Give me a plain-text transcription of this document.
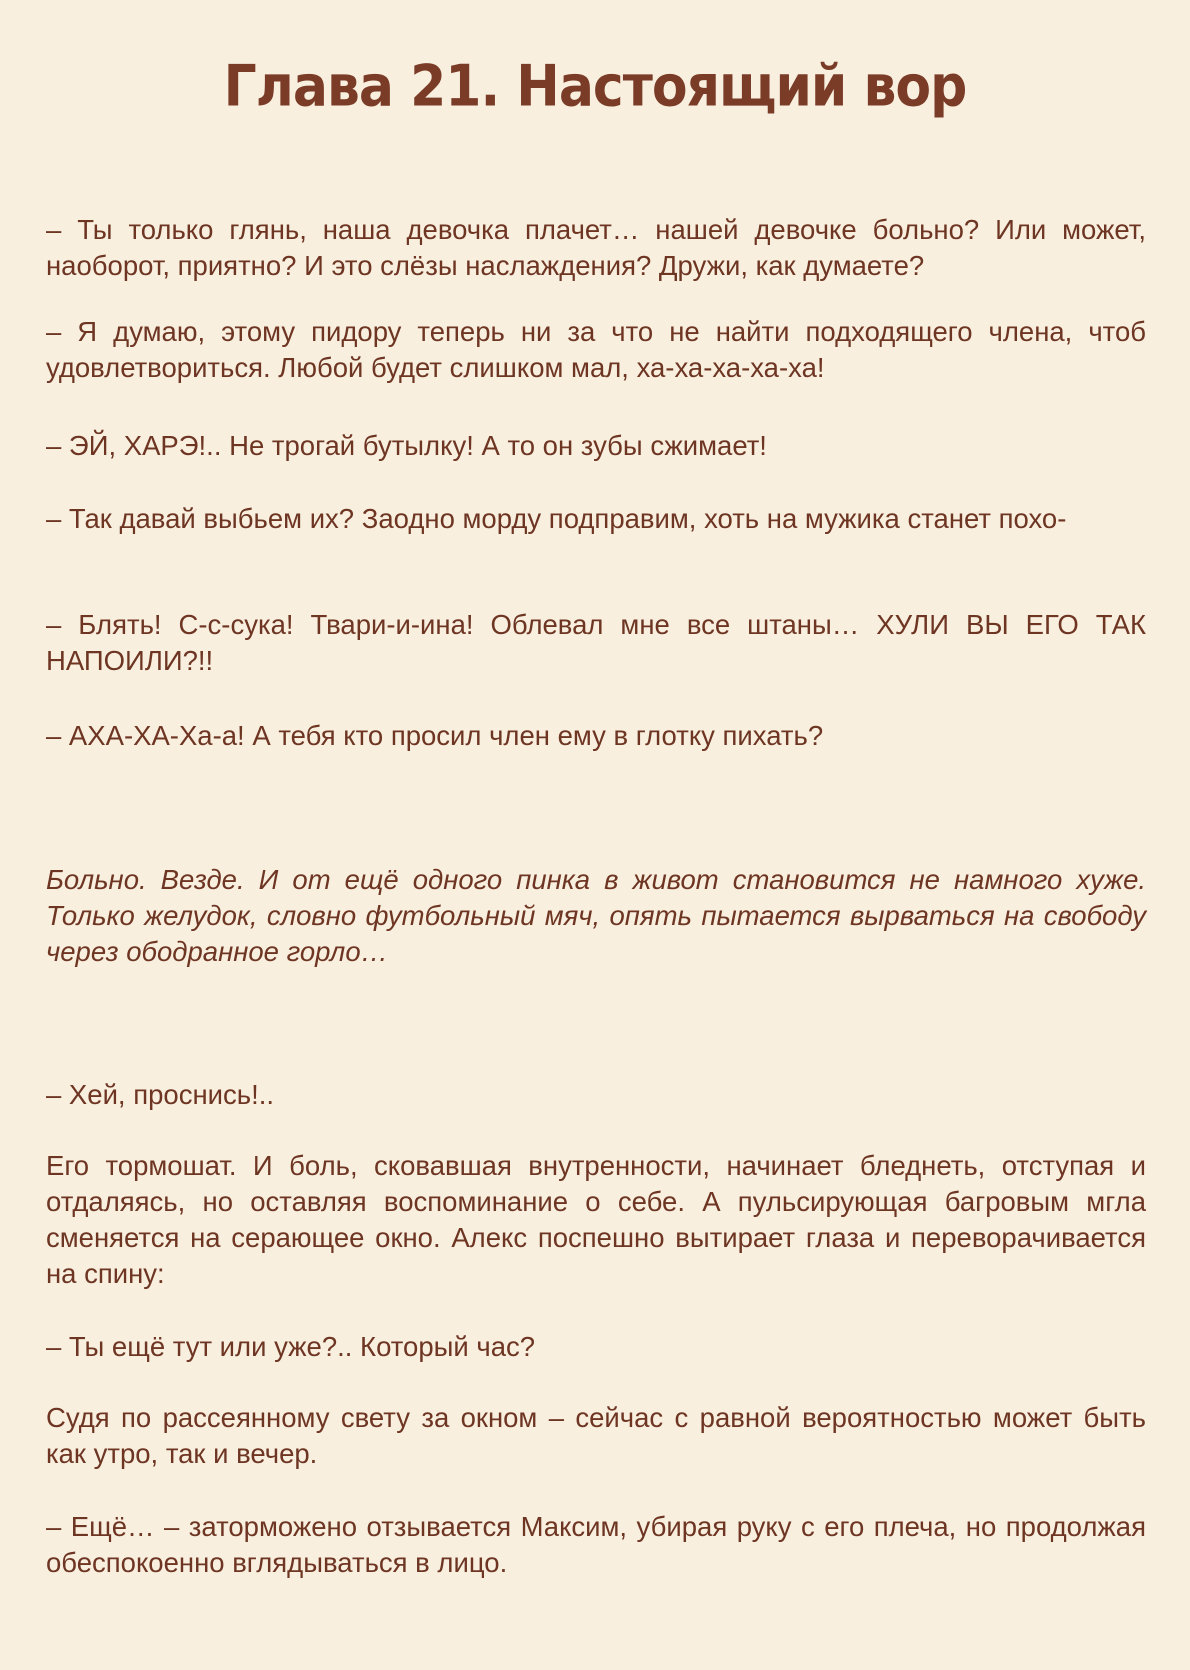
Глава 21. Настоящий вор

– Ты только глянь, наша девочка плачет… нашей девочке больно? Или может, наоборот, приятно? И это слёзы наслаждения? Дружи, как думаете?

– Я думаю, этому пидору теперь ни за что не найти подходящего члена, чтоб удовлетвориться. Любой будет слишком мал, ха-ха-ха-ха-ха!

– ЭЙ, ХАРЭ!.. Не трогай бутылку! А то он зубы сжимает!

– Так давай выбьем их? Заодно морду подправим, хоть на мужика станет похо-

– Блять! С-с-сука! Твари-и-ина! Облевал мне все штаны… ХУЛИ ВЫ ЕГО ТАК НАПОИЛИ?!!

– АХА-ХА-Ха-а! А тебя кто просил член ему в глотку пихать?

Больно. Везде. И от ещё одного пинка в живот становится не намного хуже. Только желудок, словно футбольный мяч, опять пытается вырваться на свободу через ободранное горло…

– Хей, проснись!..

Его тормошат. И боль, сковавшая внутренности, начинает бледнеть, отступая и отдаляясь, но оставляя воспоминание о себе. А пульсирующая багровым мгла сменяется на серающее окно. Алекс поспешно вытирает глаза и переворачивается на спину:

– Ты ещё тут или уже?.. Который час?

Судя по рассеянному свету за окном – сейчас с равной вероятностью может быть как утро, так и вечер.

– Ещё… – заторможено отзывается Максим, убирая руку с его плеча, но продолжая обеспокоенно вглядываться в лицо.
